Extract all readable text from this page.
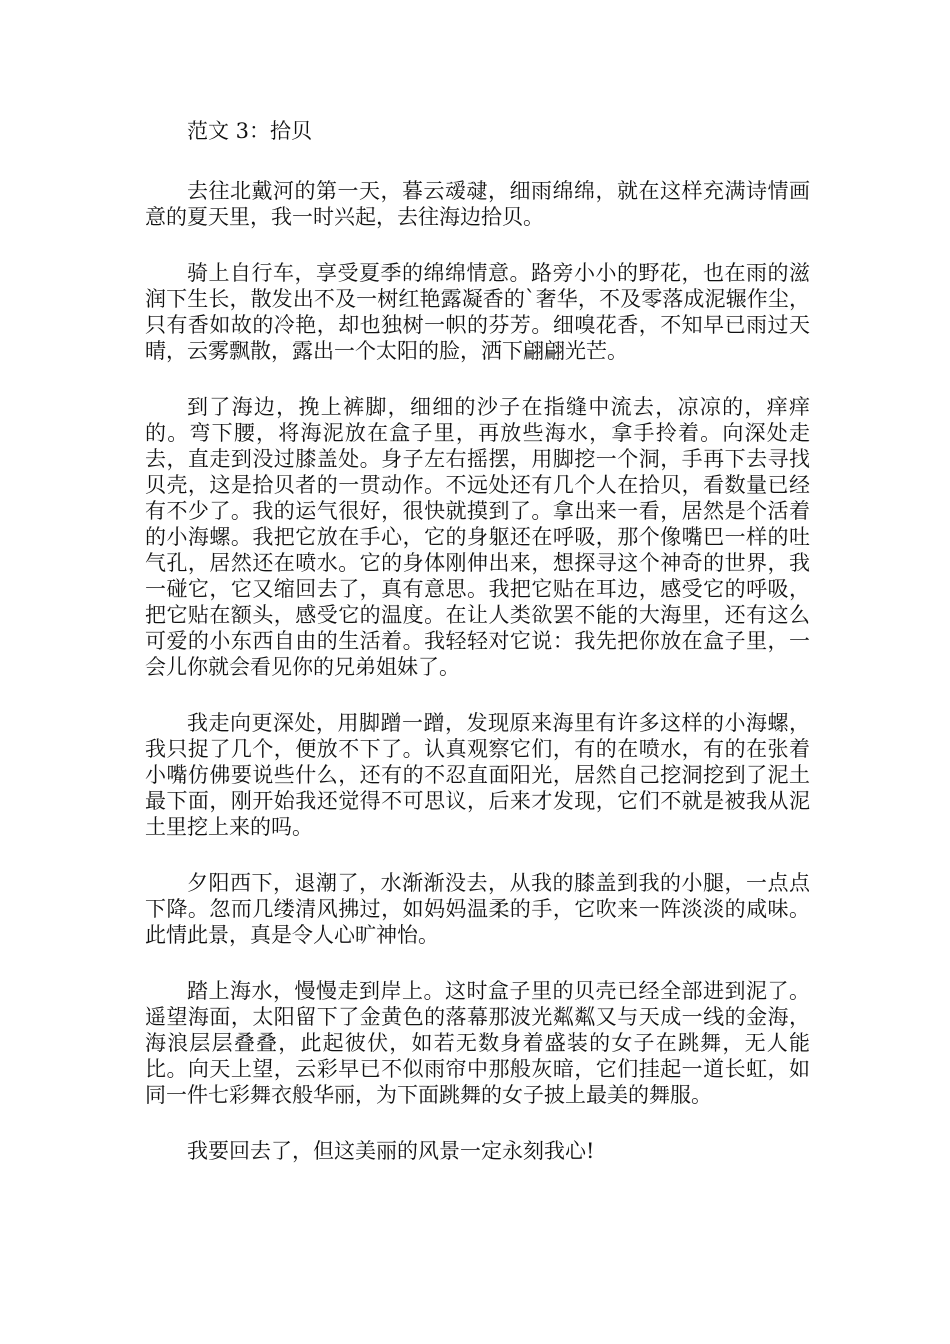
范文 3：拾贝

去往北戴河的第一天，暮云叆叇，细雨绵绵，就在这样充满诗情画意的夏天里，我一时兴起，去往海边拾贝。

骑上自行车，享受夏季的绵绵情意。路旁小小的野花，也在雨的滋润下生长，散发出不及一树红艳露凝香的`奢华，不及零落成泥辗作尘，只有香如故的冷艳，却也独树一帜的芬芳。细嗅花香，不知早已雨过天晴，云雾飘散，露出一个太阳的脸，洒下翩翩光芒。

到了海边，挽上裤脚，细细的沙子在指缝中流去，凉凉的，痒痒的。弯下腰，将海泥放在盒子里，再放些海水，拿手拎着。向深处走去，直走到没过膝盖处。身子左右摇摆，用脚挖一个洞，手再下去寻找贝壳，这是拾贝者的一贯动作。不远处还有几个人在拾贝，看数量已经有不少了。我的运气很好，很快就摸到了。拿出来一看，居然是个活着的小海螺。我把它放在手心，它的身躯还在呼吸，那个像嘴巴一样的吐气孔，居然还在喷水。它的身体刚伸出来，想探寻这个神奇的世界，我一碰它，它又缩回去了，真有意思。我把它贴在耳边，感受它的呼吸，把它贴在额头，感受它的温度。在让人类欲罢不能的大海里，还有这么可爱的小东西自由的生活着。我轻轻对它说：我先把你放在盒子里，一会儿你就会看见你的兄弟姐妹了。

我走向更深处，用脚蹭一蹭，发现原来海里有许多这样的小海螺，我只捉了几个，便放不下了。认真观察它们，有的在喷水，有的在张着小嘴仿佛要说些什么，还有的不忍直面阳光，居然自己挖洞挖到了泥土最下面，刚开始我还觉得不可思议，后来才发现，它们不就是被我从泥土里挖上来的吗。

夕阳西下，退潮了，水渐渐没去，从我的膝盖到我的小腿，一点点下降。忽而几缕清风拂过，如妈妈温柔的手，它吹来一阵淡淡的咸味。此情此景，真是令人心旷神怡。

踏上海水，慢慢走到岸上。这时盒子里的贝壳已经全部进到泥了。遥望海面，太阳留下了金黄色的落幕那波光粼粼又与天成一线的金海，海浪层层叠叠，此起彼伏，如若无数身着盛装的女子在跳舞，无人能比。向天上望，云彩早已不似雨帘中那般灰暗，它们挂起一道长虹，如同一件七彩舞衣般华丽，为下面跳舞的女子披上最美的舞服。

我要回去了，但这美丽的风景一定永刻我心!
